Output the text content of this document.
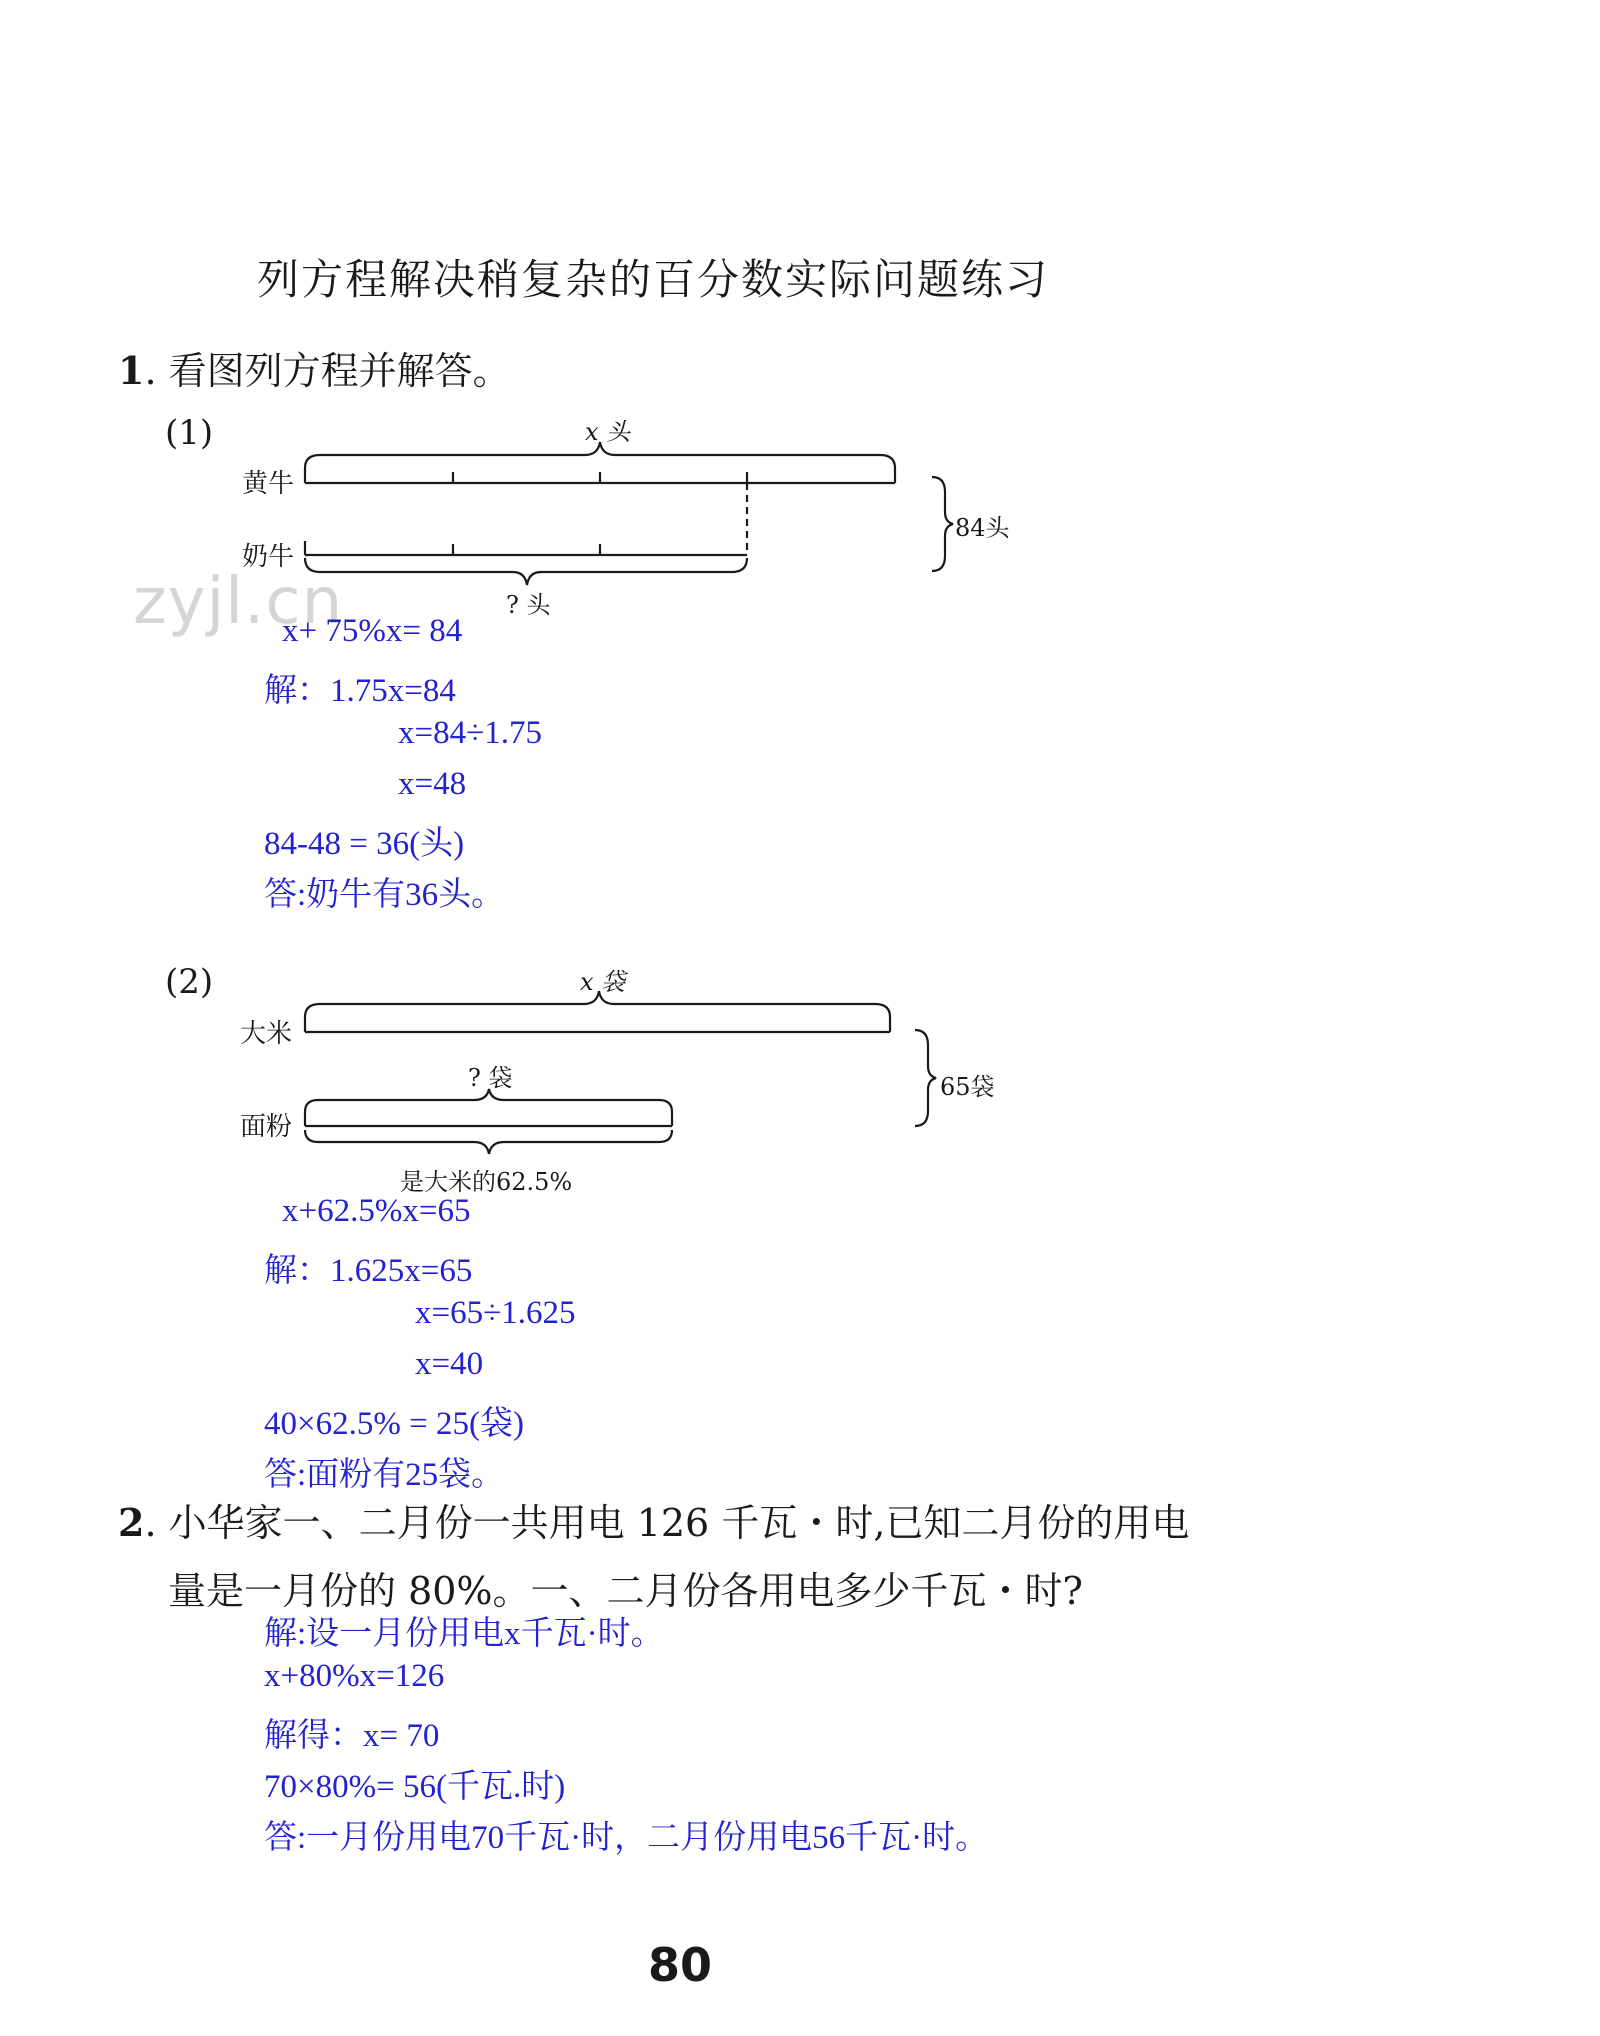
列方程解决稍复杂的百分数实际问题练习
1. 看图列方程并解答。
(1)	x 头
黄牛
奶牛
? 头
84头
zyjl.cn
x+ 75%x= 84
解：1.75x=84
x=84÷1.75
x=48
84-48 = 36(头)
答:奶牛有36头。
(2)	x 袋
大米
? 袋
面粉
是大米的62.5%
65袋
x+62.5%x=65
解：1.625x=65
x=65÷1.625
x=40
40×62.5% = 25(袋)
答:面粉有25袋。
2. 小华家一、二月份一共用电 126 千瓦・时,已知二月份的用电
量是一月份的 80%。一、二月份各用电多少千瓦・时?
解:设一月份用电x千瓦·时。
x+80%x=126
解得：x= 70
70×80%= 56(千瓦.时)
答:一月份用电70千瓦·时，二月份用电56千瓦·时。
80
